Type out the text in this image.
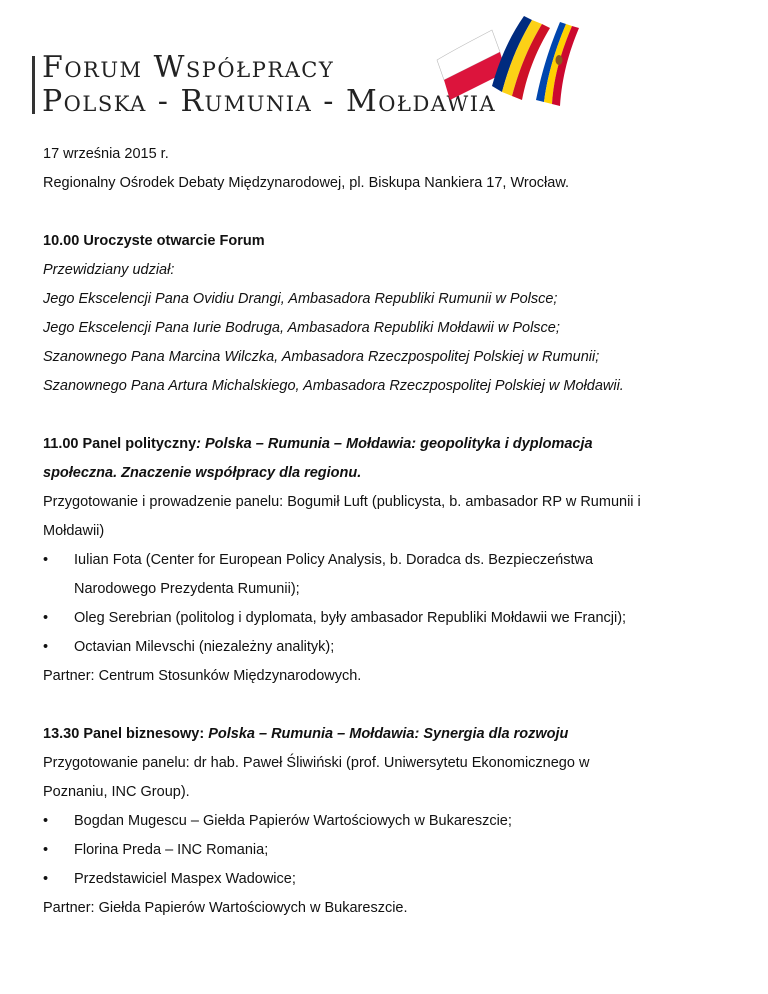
Forum Współpracy
Polska - Rumunia - Mołdawia
17 września 2015 r.
Regionalny Ośrodek Debaty Międzynarodowej, pl. Biskupa Nankiera 17, Wrocław.
10.00 Uroczyste otwarcie Forum
Przewidziany udział:
Jego Ekscelencji Pana Ovidiu Drangi, Ambasadora Republiki Rumunii w Polsce;
Jego Ekscelencji Pana Iurie Bodruga, Ambasadora Republiki Mołdawii w Polsce;
Szanownego Pana Marcina Wilczka, Ambasadora Rzeczpospolitej Polskiej w Rumunii;
Szanownego Pana Artura Michalskiego, Ambasadora Rzeczpospolitej Polskiej w Mołdawii.
11.00 Panel polityczny: Polska – Rumunia – Mołdawia: geopolityka i dyplomacja
społeczna. Znaczenie współpracy dla regionu.
Przygotowanie i prowadzenie panelu: Bogumił Luft (publicysta, b. ambasador RP w Rumunii i
Mołdawii)
• Iulian Fota (Center for European Policy Analysis, b. Doradca ds. Bezpieczeństwa
Narodowego Prezydenta Rumunii);
• Oleg Serebrian (politolog i dyplomata, były ambasador Republiki Mołdawii we Francji);
• Octavian Milevschi (niezależny analityk);
Partner: Centrum Stosunków Międzynarodowych.
13.30 Panel biznesowy: Polska – Rumunia – Mołdawia: Synergia dla rozwoju
Przygotowanie panelu: dr hab. Paweł Śliwiński (prof. Uniwersytetu Ekonomicznego w
Poznaniu, INC Group).
• Bogdan Mugescu – Giełda Papierów Wartościowych w Bukareszcie;
• Florina Preda – INC Romania;
• Przedstawiciel Maspex Wadowice;
Partner: Giełda Papierów Wartościowych w Bukareszcie.
